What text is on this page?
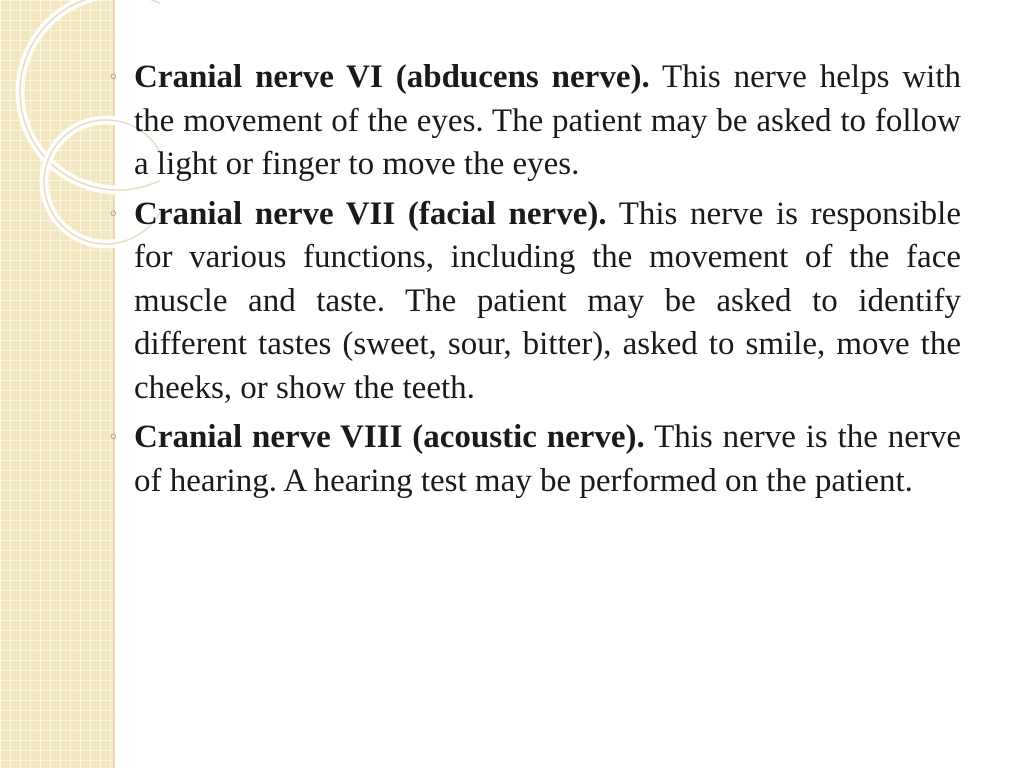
◦ Cranial nerve VI (abducens nerve). This nerve helps with the movement of the eyes. The patient may be asked to follow a light or finger to move the eyes.
◦ Cranial nerve VII (facial nerve). This nerve is responsible for various functions, including the movement of the face muscle and taste. The patient may be asked to identify different tastes (sweet, sour, bitter), asked to smile, move the cheeks, or show the teeth.
◦ Cranial nerve VIII (acoustic nerve). This nerve is the nerve of hearing. A hearing test may be performed on the patient.
